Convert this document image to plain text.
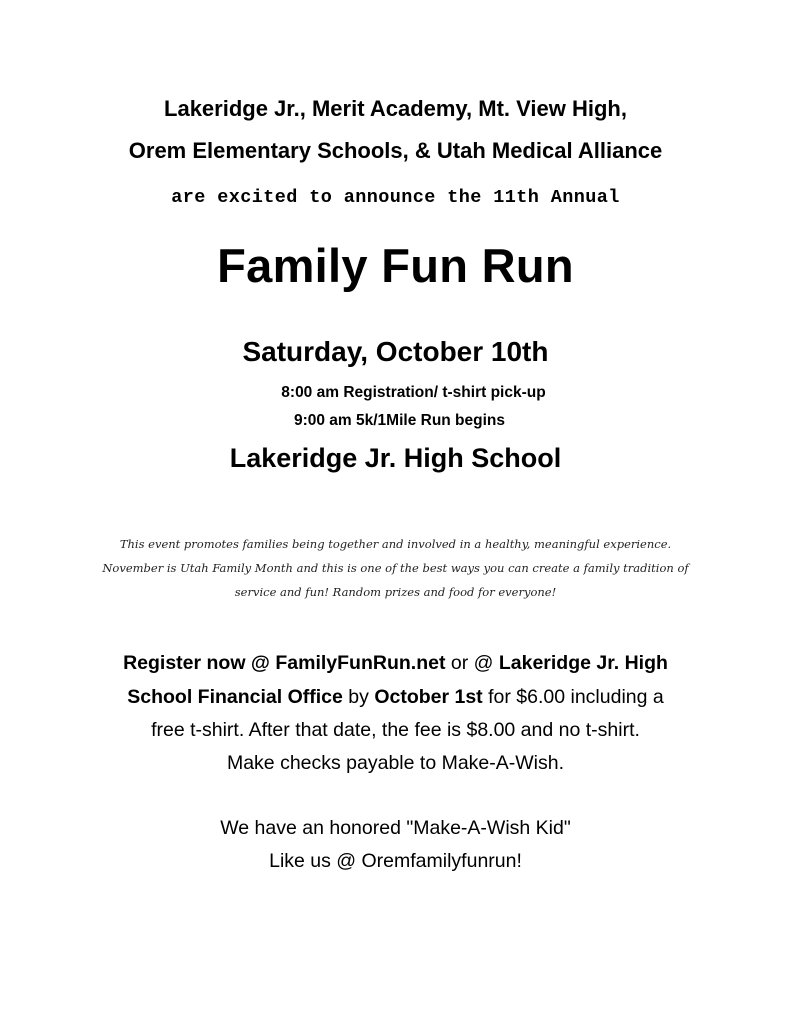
Lakeridge Jr., Merit Academy, Mt. View High,
Orem Elementary Schools, & Utah Medical Alliance
are excited to announce the 11th Annual
Family Fun Run
Saturday, October 10th
8:00 am Registration/ t-shirt pick-up
9:00 am 5k/1Mile Run begins
Lakeridge Jr. High School
This event promotes families being together and involved in a healthy, meaningful experience.
November is Utah Family Month and this is one of the best ways you can create a family tradition of
service and fun! Random prizes and food for everyone!
Register now @ FamilyFunRun.net or @ Lakeridge Jr. High
School Financial Office by October 1st for $6.00 including a
free t-shirt. After that date, the fee is $8.00 and no t-shirt.
Make checks payable to Make-A-Wish.
We have an honored "Make-A-Wish Kid"
Like us @ Oremfamilyfunrun!
